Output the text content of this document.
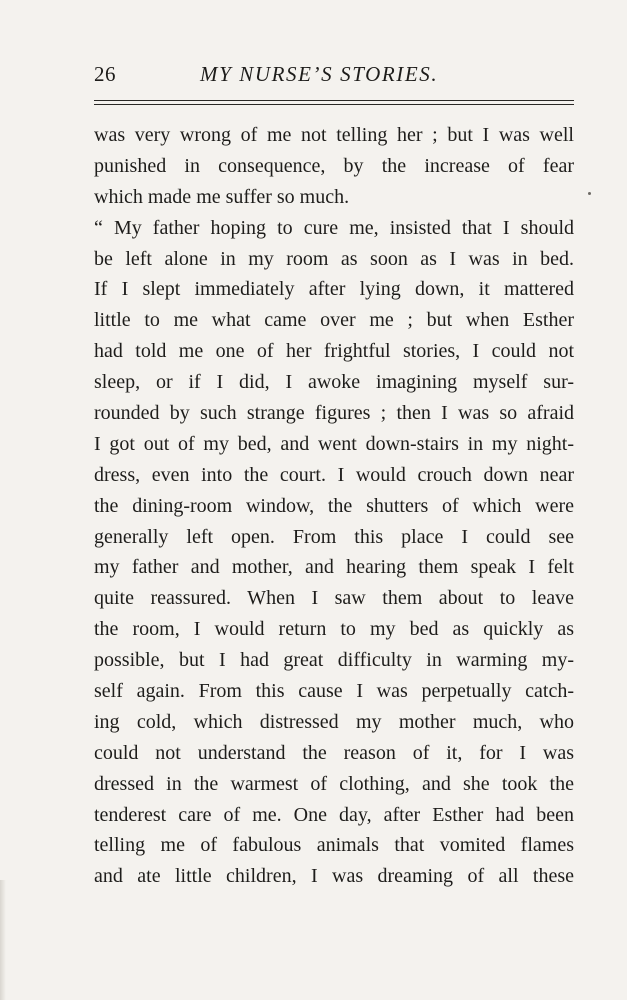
26	MY NURSE’S STORIES.
was very wrong of me not telling her ; but I was well
punished in consequence, by the increase of fear
which made me suffer so much.
“ My father hoping to cure me, insisted that I should
be left alone in my room as soon as I was in bed.
If I slept immediately after lying down, it mattered
little to me what came over me ; but when Esther
had told me one of her frightful stories, I could not
sleep, or if I did, I awoke imagining myself sur-
rounded by such strange figures ; then I was so afraid
I got out of my bed, and went down-stairs in my night-
dress, even into the court. I would crouch down near
the dining-room window, the shutters of which were
generally left open. From this place I could see
my father and mother, and hearing them speak I felt
quite reassured. When I saw them about to leave
the room, I would return to my bed as quickly as
possible, but I had great difficulty in warming my-
self again. From this cause I was perpetually catch-
ing cold, which distressed my mother much, who
could not understand the reason of it, for I was
dressed in the warmest of clothing, and she took the
tenderest care of me. One day, after Esther had been
telling me of fabulous animals that vomited flames
and ate little children, I was dreaming of all these
